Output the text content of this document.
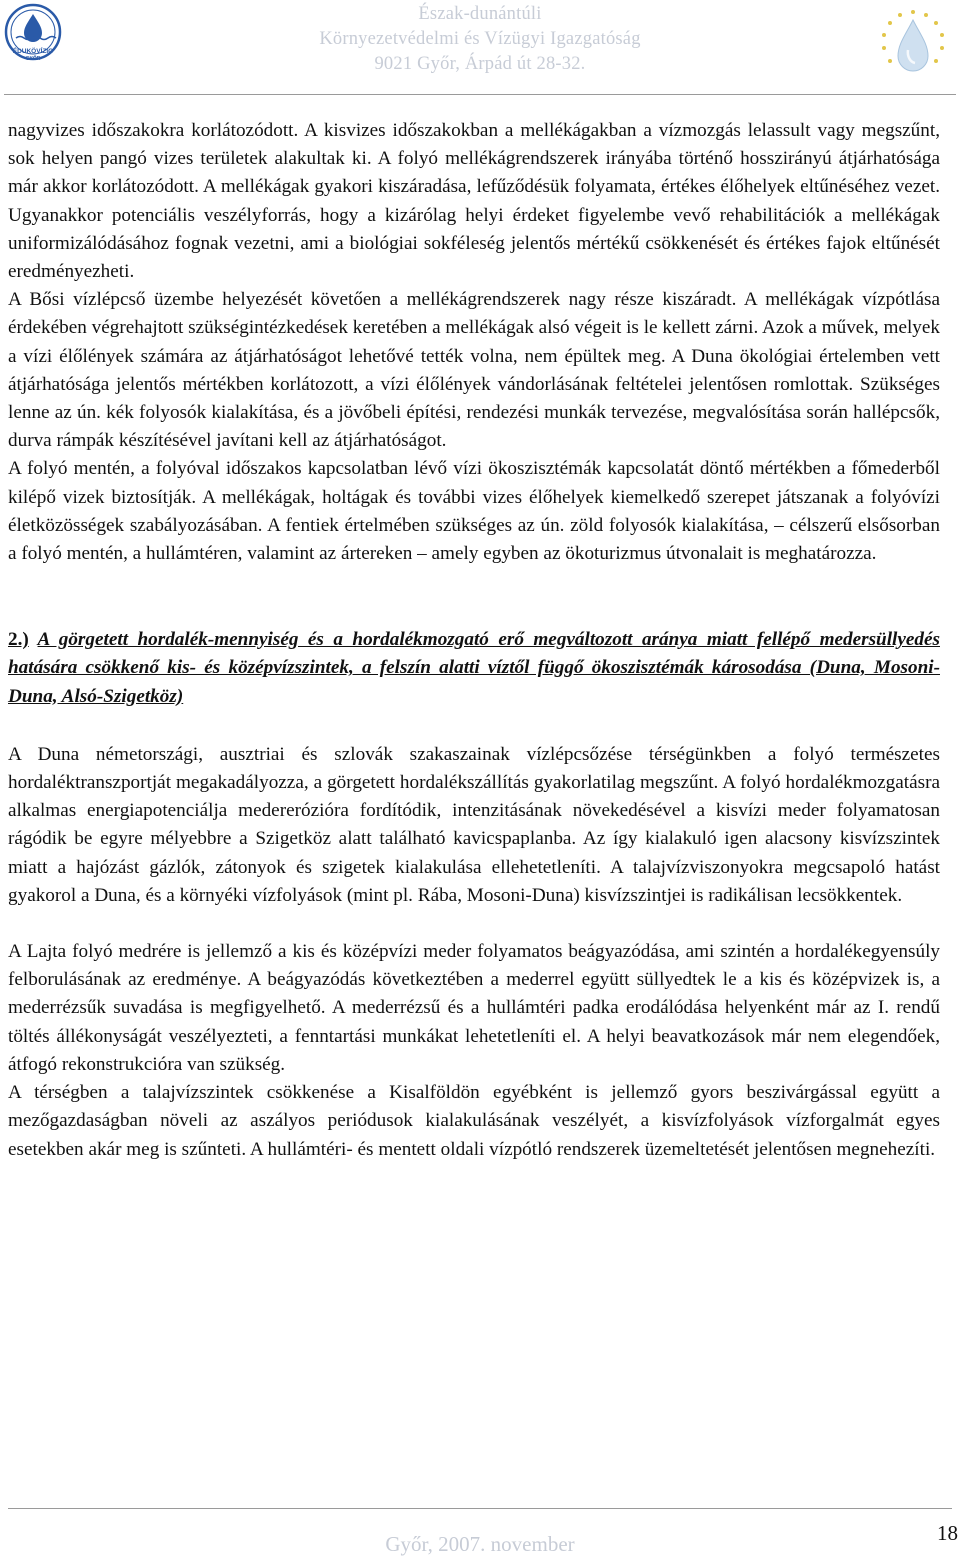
ÉDUKÖVÍZIG
GYŐR
Észak-dunántúli
Környezetvédelmi és Vízügyi Igazgatóság
9021 Győr, Árpád út 28-32.

nagyvizes időszakokra korlátozódott. A kisvizes időszakokban a mellékágakban a vízmozgás lelassult vagy megszűnt, sok helyen pangó vizes területek alakultak ki. A folyó mellékágrendszerek irányába történő hosszirányú átjárhatósága már akkor korlátozódott. A mellékágak gyakori kiszáradása, lefűződésük folyamata, értékes élőhelyek eltűnéséhez vezet. Ugyanakkor potenciális veszélyforrás, hogy a kizárólag helyi érdeket figyelembe vevő rehabilitációk a mellékágak uniformizálódásához fognak vezetni, ami a biológiai sokféleség jelentős mértékű csökkenését és értékes fajok eltűnését eredményezheti.

A Bősi vízlépcső üzembe helyezését követően a mellékágrendszerek nagy része kiszáradt. A mellékágak vízpótlása érdekében végrehajtott szükségintézkedések keretében a mellékágak alsó végeit is le kellett zárni. Azok a művek, melyek a vízi élőlények számára az átjárhatóságot lehetővé tették volna, nem épültek meg. A Duna ökológiai értelemben vett átjárhatósága jelentős mértékben korlátozott, a vízi élőlények vándorlásának feltételei jelentősen romlottak. Szükséges lenne az ún. kék folyosók kialakítása, és a jövőbeli építési, rendezési munkák tervezése, megvalósítása során hallépcsők, durva rámpák készítésével javítani kell az átjárhatóságot.

A folyó mentén, a folyóval időszakos kapcsolatban lévő vízi ökoszisztémák kapcsolatát döntő mértékben a főmederből kilépő vizek biztosítják. A mellékágak, holtágak és további vizes élőhelyek kiemelkedő szerepet játszanak a folyóvízi életközösségek szabályozásában. A fentiek értelmében szükséges az ún. zöld folyosók kialakítása, – célszerű elsősorban a folyó mentén, a hullámtéren, valamint az ártereken – amely egyben az ökoturizmus útvonalait is meghatározza.

2.) A görgetett hordalék-mennyiség és a hordalékmozgató erő megváltozott aránya miatt fellépő medersüllyedés hatására csökkenő kis- és középvízszintek, a felszín alatti víztől függő ökoszisztémák károsodása (Duna, Mosoni-Duna, Alsó-Szigetköz)

A Duna németországi, ausztriai és szlovák szakaszainak vízlépcsőzése térségünkben a folyó természetes hordaléktranszportját megakadályozza, a görgetett hordalékszállítás gyakorlatilag megszűnt. A folyó hordalékmozgatásra alkalmas energiapotenciálja medererózióra fordítódik, intenzitásának növekedésével a kisvízi meder folyamatosan rágódik be egyre mélyebbre a Szigetköz alatt található kavicspaplanba. Az így kialakuló igen alacsony kisvízszintek miatt a hajózást gázlók, zátonyok és szigetek kialakulása ellehetetleníti. A talajvízviszonyokra megcsapoló hatást gyakorol a Duna, és a környéki vízfolyások (mint pl. Rába, Mosoni-Duna) kisvízszintjei is radikálisan lecsökkentek.

A Lajta folyó medrére is jellemző a kis és középvízi meder folyamatos beágyazódása, ami szintén a hordalékegyensúly felborulásának az eredménye. A beágyazódás következtében a mederrel együtt süllyedtek le a kis és középvizek is, a mederrézsűk suvadása is megfigyelhető. A mederrézsű és a hullámtéri padka erodálódása helyenként már az I. rendű töltés állékonyságát veszélyezteti, a fenntartási munkákat lehetetleníti el. A helyi beavatkozások már nem elegendőek, átfogó rekonstrukcióra van szükség.

A térségben a talajvízszintek csökkenése a Kisalföldön egyébként is jellemző gyors beszivárgással együtt a mezőgazdaságban növeli az aszályos periódusok kialakulásának veszélyét, a kisvízfolyások vízforgalmát egyes esetekben akár meg is szűnteti. A hullámtéri- és mentett oldali vízpótló rendszerek üzemeltetését jelentősen megnehezíti.

Győr, 2007. november	18
